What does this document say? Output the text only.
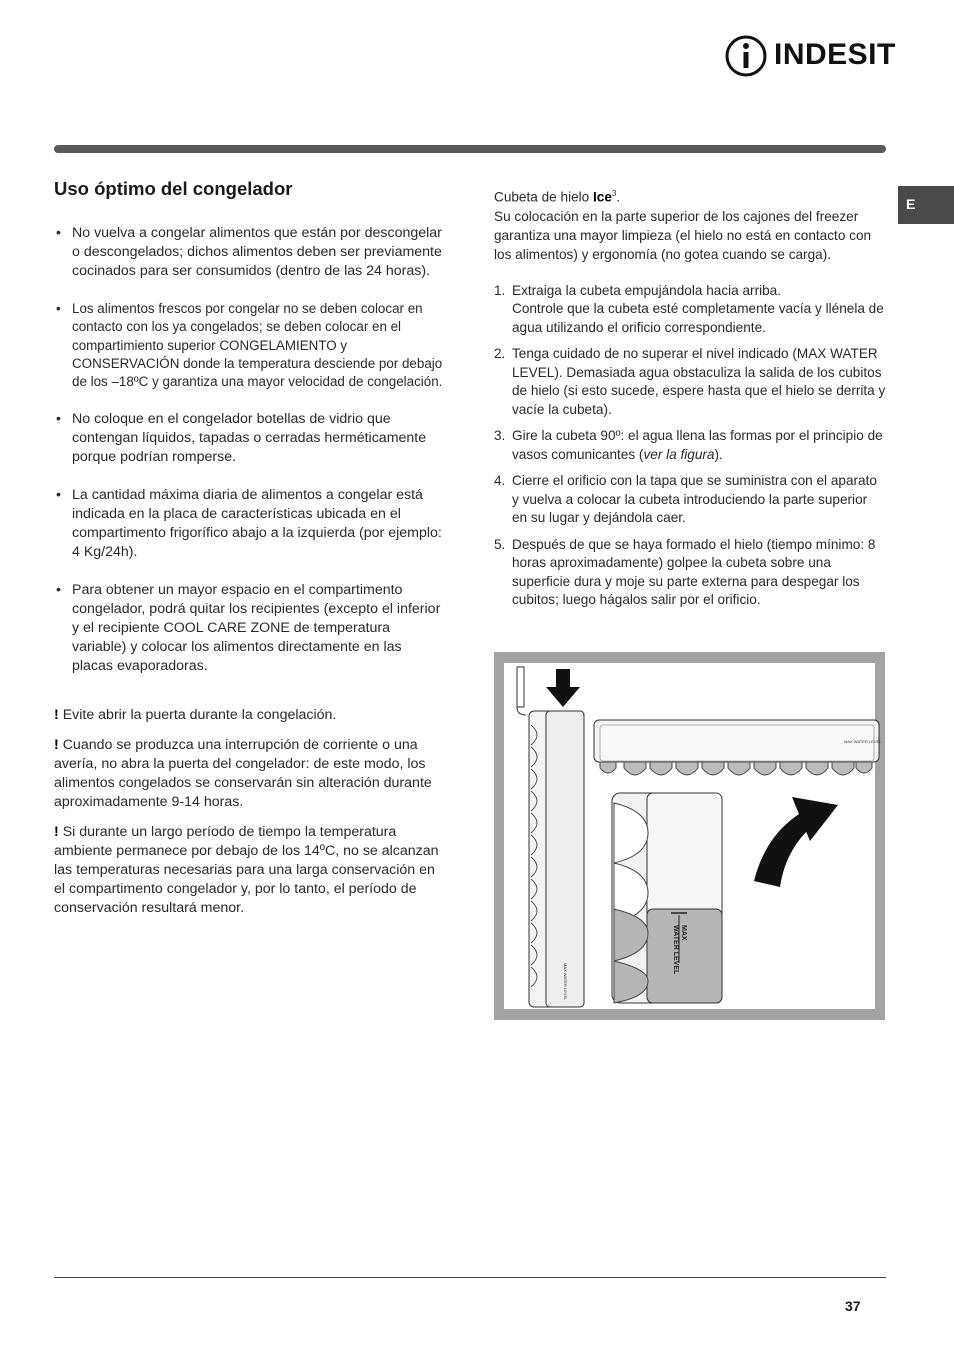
INDESIT
E
Uso óptimo del congelador
• No vuelva a congelar alimentos que están por descongelar o descongelados; dichos alimentos deben ser previamente cocinados para ser consumidos (dentro de las 24 horas).
• Los alimentos frescos por congelar no se deben colocar en contacto con los ya congelados; se deben colocar en el compartimiento superior CONGELAMIENTO y CONSERVACIÓN donde la temperatura desciende por debajo de los –18ºC y garantiza una mayor velocidad de congelación.
• No coloque en el congelador botellas de vidrio que contengan líquidos, tapadas o cerradas herméticamente porque podrían romperse.
• La cantidad máxima diaria de alimentos a congelar está indicada en la placa de características ubicada en el compartimento frigorífico abajo a la izquierda (por ejemplo: 4 Kg/24h).
• Para obtener un mayor espacio en el compartimento congelador, podrá quitar los recipientes (excepto el inferior y el recipiente COOL CARE ZONE de temperatura variable) y colocar los alimentos directamente en las placas evaporadoras.

! Evite abrir la puerta durante la congelación.

! Cuando se produzca una interrupción de corriente o una avería, no abra la puerta del congelador: de este modo, los alimentos congelados se conservarán sin alteración durante aproximadamente 9-14 horas.

! Si durante un largo período de tiempo la temperatura ambiente permanece por debajo de los 14ºC, no se alcanzan las temperaturas necesarias para una larga conservación en el compartimento congelador y, por lo tanto, el período de conservación resultará menor.

Cubeta de hielo Ice$^3$.
Su colocación en la parte superior de los cajones del freezer garantiza una mayor limpieza (el hielo no está en contacto con los alimentos) y ergonomía (no gotea cuando se carga).

1. Extraiga la cubeta empujándola hacia arriba.
Controle que la cubeta esté completamente vacía y llénela de agua utilizando el orificio correspondiente.
2. Tenga cuidado de no superar el nivel indicado (MAX WATER LEVEL). Demasiada agua obstaculiza la salida de los cubitos de hielo (si esto sucede, espere hasta que el hielo se derrita y vacíe la cubeta).
3. Gire la cubeta 90º: el agua llena las formas por el principio de vasos comunicantes (ver la figura).
4. Cierre el orificio con la tapa que se suministra con el aparato y vuelva a colocar la cubeta introduciendo la parte superior en su lugar y dejándola caer.
5. Después de que se haya formado el hielo (tiempo mínimo: 8 horas aproximadamente) golpee la cubeta sobre una superficie dura y moje su parte externa para despegar los cubitos; luego hágalos salir por el orificio.
MAX WATER LEVEL
MAX WATER LEVEL
MAX
WATER LEVEL
37
